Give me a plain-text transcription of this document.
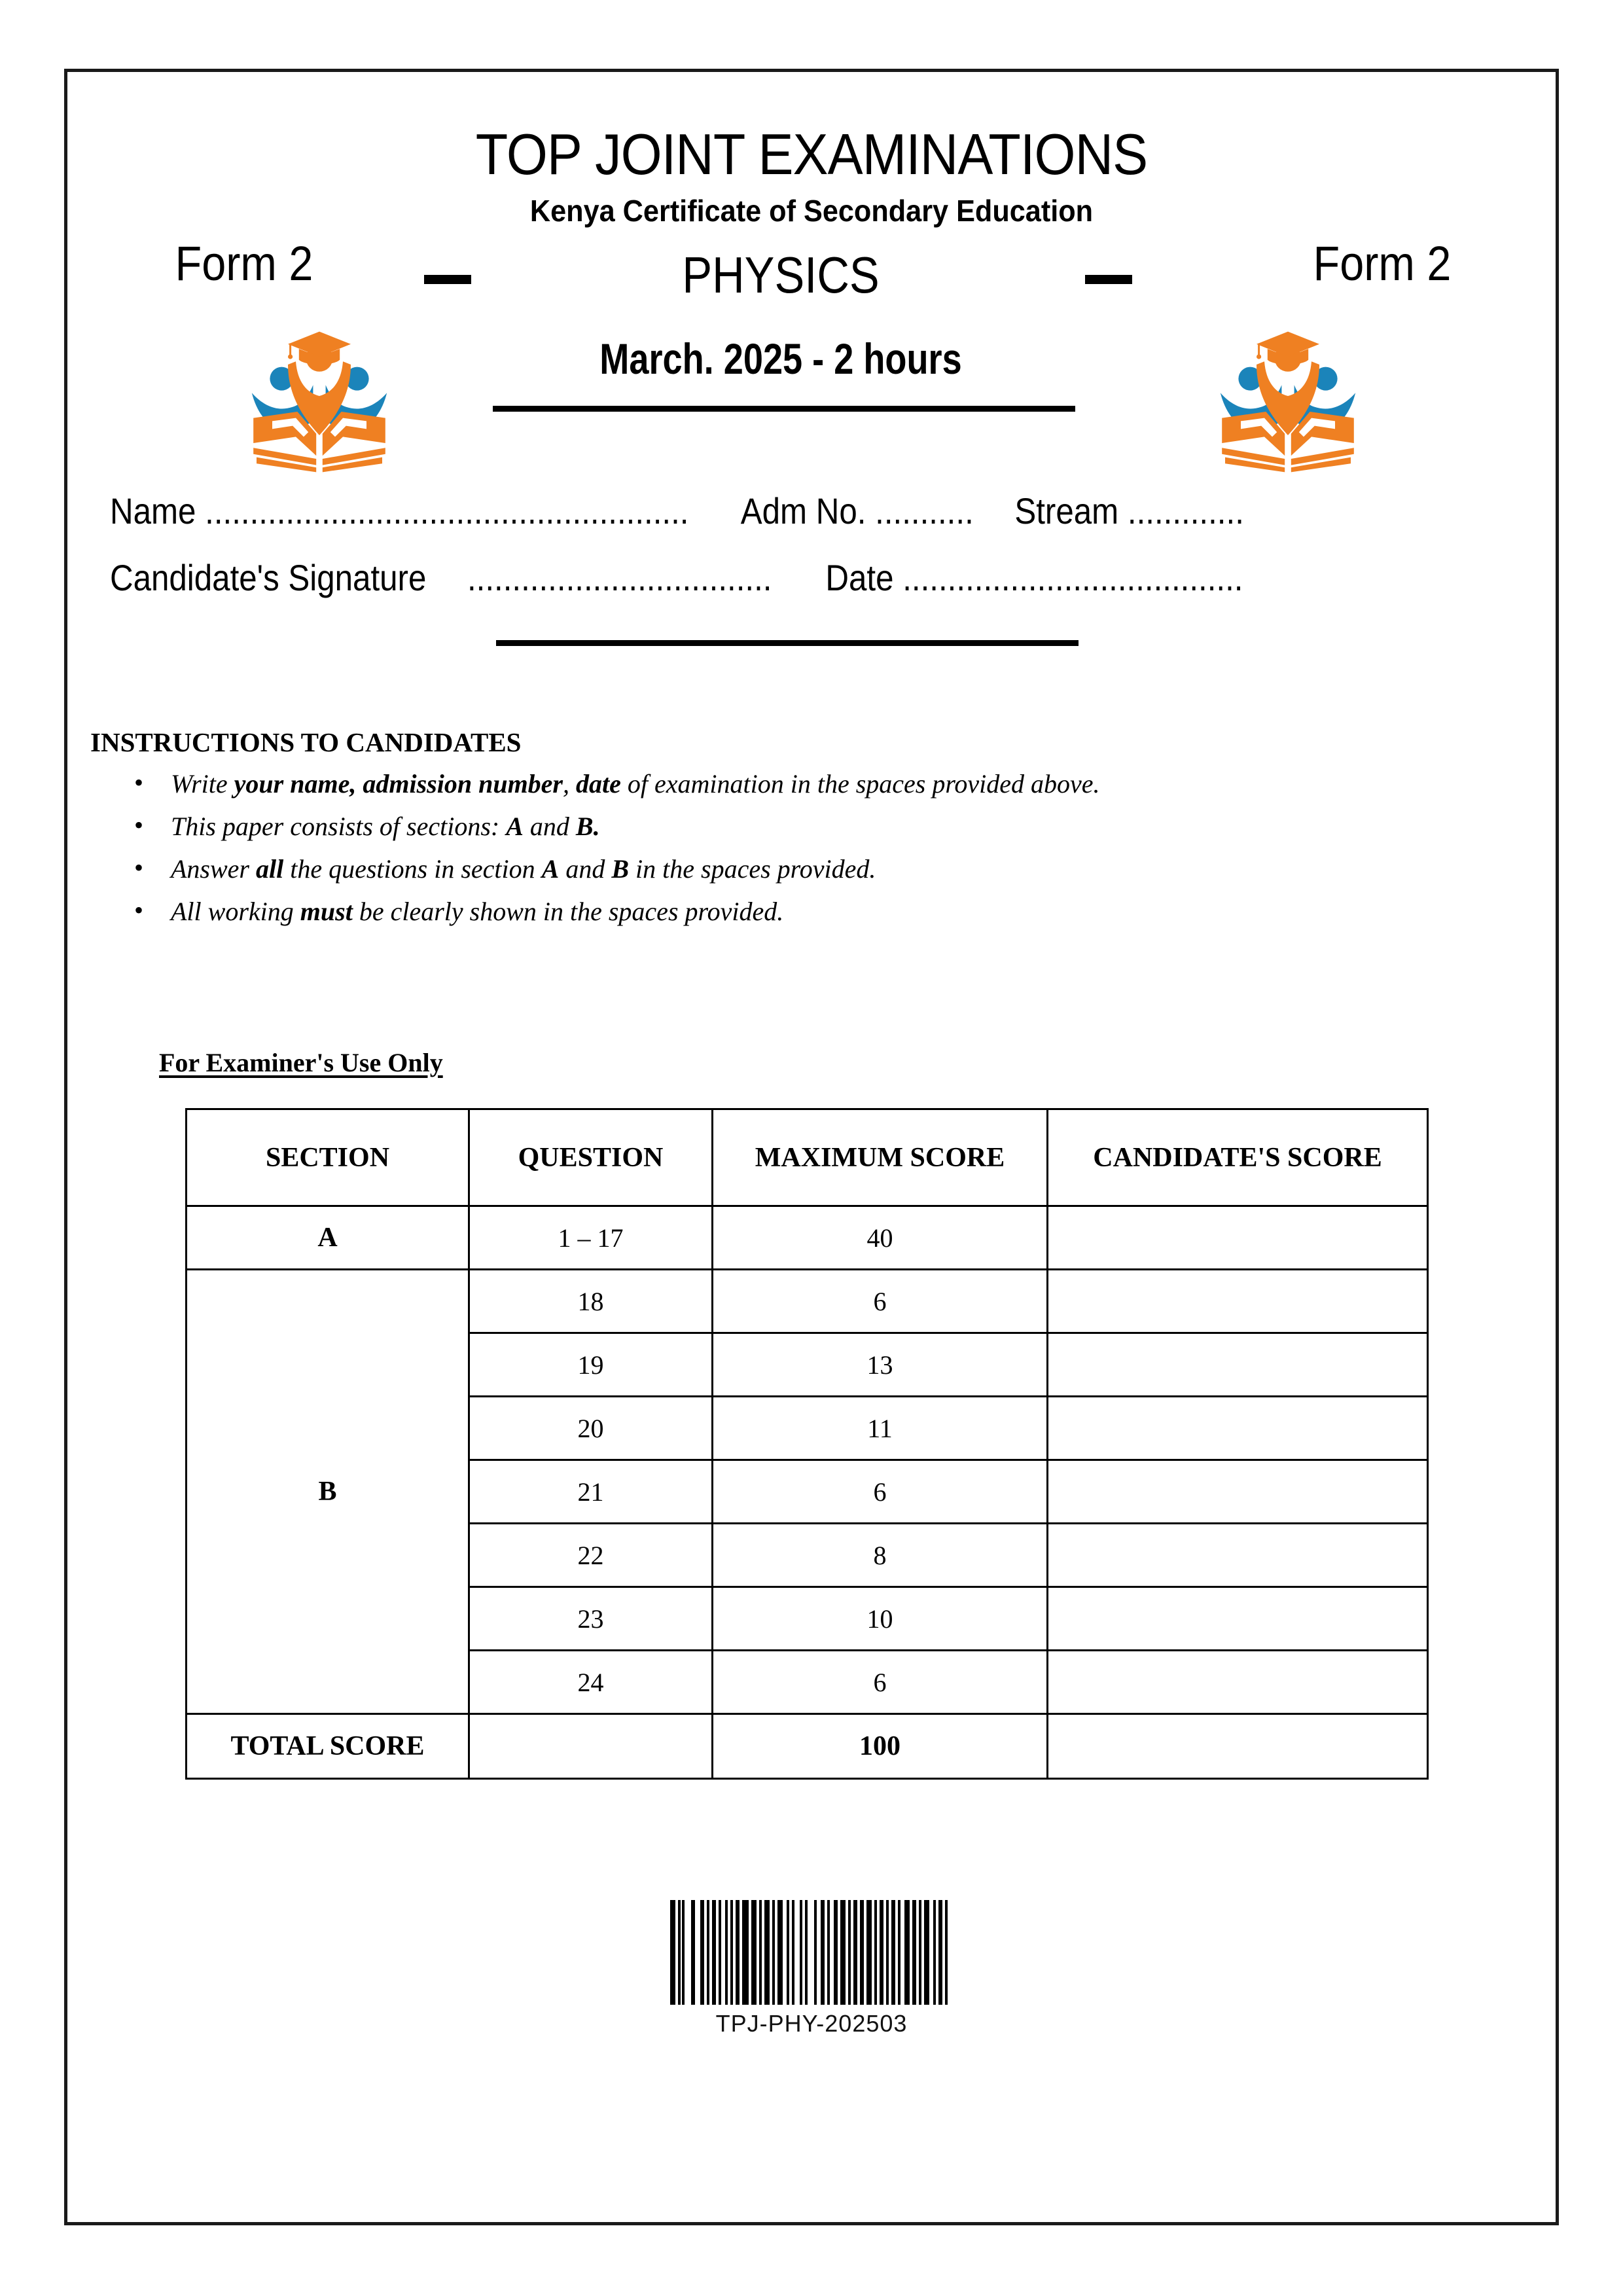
TOP JOINT EXAMINATIONS
Kenya Certificate of Secondary Education
Form 2	Form 2
PHYSICS
March. 2025 - 2 hours
Name ...................................................... Adm No. ........... Stream .............
Candidate's Signature .................................. Date ......................................
INSTRUCTIONS TO CANDIDATES
• Write your name, admission number, date of examination in the spaces provided above.
• This paper consists of sections: A and B.
• Answer all the questions in section A and B in the spaces provided.
• All working must be clearly shown in the spaces provided.
For Examiner's Use Only
SECTION	QUESTION	MAXIMUM SCORE	CANDIDATE'S SCORE
A	1 – 17	40	
B	18	6	
	19	13	
	20	11	
	21	6	
	22	8	
	23	10	
	24	6	
TOTAL SCORE		100	
TPJ-PHY-202503
